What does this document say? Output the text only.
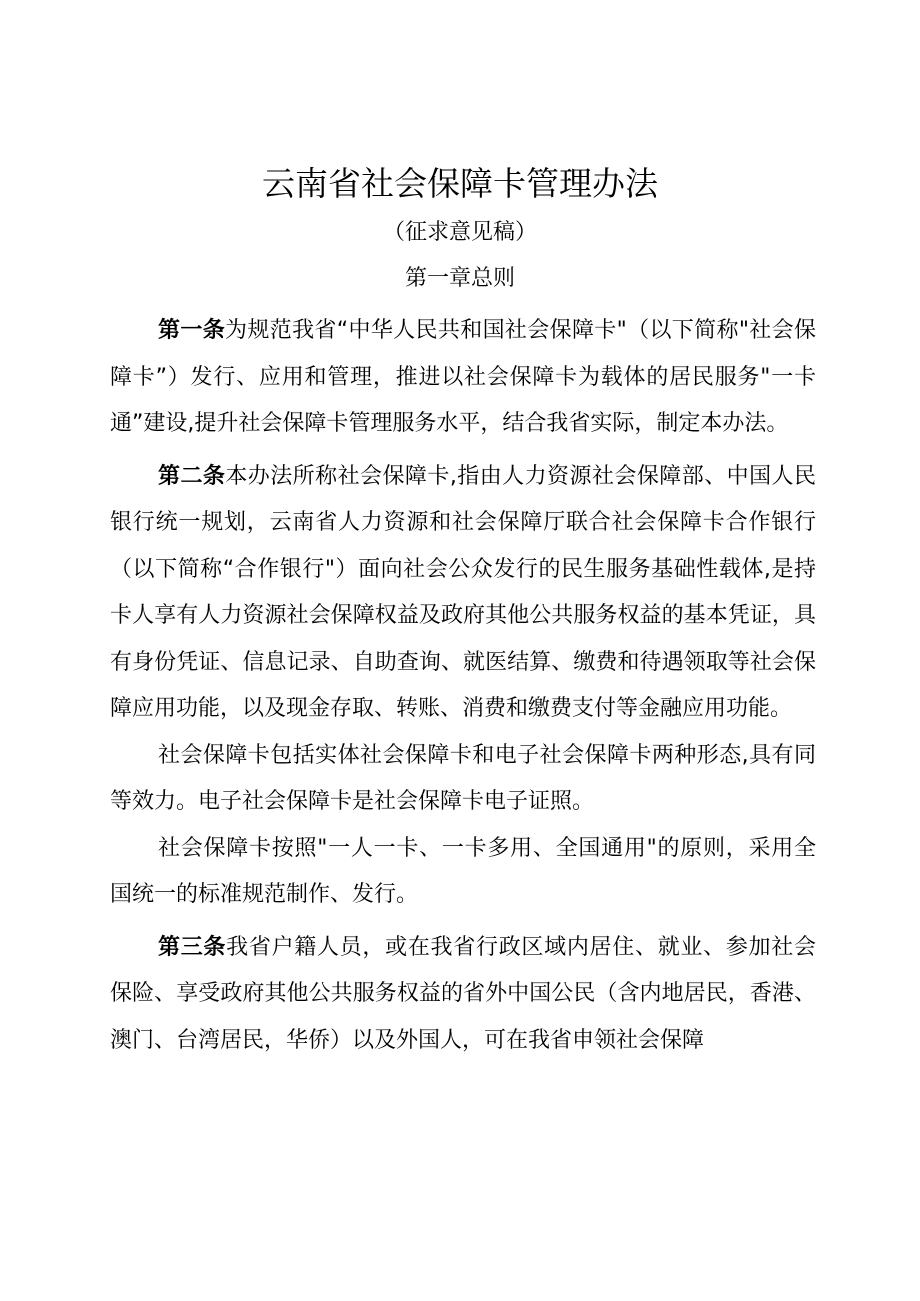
云南省社会保障卡管理办法
（征求意见稿）
第一章总则

第一条为规范我省“中华人民共和国社会保障卡"（以下简称"社会保障卡”）发行、应用和管理，推进以社会保障卡为载体的居民服务"一卡通”建设,提升社会保障卡管理服务水平，结合我省实际，制定本办法。

第二条本办法所称社会保障卡,指由人力资源社会保障部、中国人民银行统一规划，云南省人力资源和社会保障厅联合社会保障卡合作银行（以下简称“合作银行"）面向社会公众发行的民生服务基础性载体,是持卡人享有人力资源社会保障权益及政府其他公共服务权益的基本凭证，具有身份凭证、信息记录、自助查询、就医结算、缴费和待遇领取等社会保障应用功能，以及现金存取、转账、消费和缴费支付等金融应用功能。

社会保障卡包括实体社会保障卡和电子社会保障卡两种形态,具有同等效力。电子社会保障卡是社会保障卡电子证照。

社会保障卡按照"一人一卡、一卡多用、全国通用"的原则，采用全国统一的标准规范制作、发行。

第三条我省户籍人员，或在我省行政区域内居住、就业、参加社会保险、享受政府其他公共服务权益的省外中国公民（含内地居民，香港、澳门、台湾居民，华侨）以及外国人，可在我省申领社会保障
